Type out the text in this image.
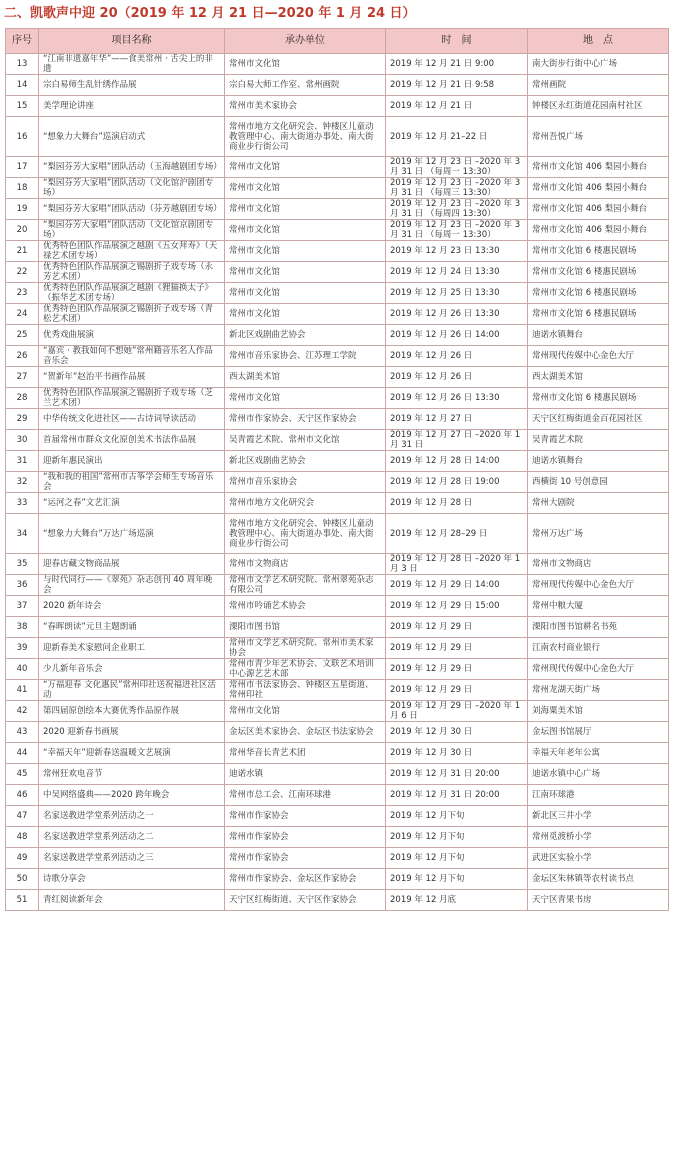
二、凯歌声中迎 20（2019 年 12 月 21 日—2020 年 1 月 24 日）
序号	项目名称	承办单位	时　间	地　点
13	“江南非遗嘉年华”——食美常州 · 舌尖上的非遗	常州市文化馆	2019 年 12 月 21 日 9:00	南大街步行街中心广场
14	宗白易师生乱针绣作品展	宗白易大师工作室、常州画院	2019 年 12 月 21 日 9:58	常州画院
15	美学理论讲座	常州市美术家协会	2019 年 12 月 21 日	钟楼区永红街道花园南村社区
16	“想象力大舞台”巡演启动式	常州市地方文化研究会、钟楼区儿童动教管理中心、南大街道办事处、南大街商业步行街公司	2019 年 12 月 21–22 日	常州吾悦广场
17	“梨园芬芳大家唱”团队活动（玉海越剧团专场）	常州市文化馆	2019 年 12 月 23 日 –2020 年 3 月 31 日 （每周一 13:30）	常州市文化馆 406 梨园小舞台
18	“梨园芬芳大家唱”团队活动（文化馆沪剧团专场）	常州市文化馆	2019 年 12 月 23 日 –2020 年 3 月 31 日 （每周三 13:30）	常州市文化馆 406 梨园小舞台
19	“梨园芬芳大家唱”团队活动（芬芳越剧团专场）	常州市文化馆	2019 年 12 月 23 日 –2020 年 3 月 31 日 （每周四 13:30）	常州市文化馆 406 梨园小舞台
20	“梨园芬芳大家唱”团队活动（文化馆京剧团专场）	常州市文化馆	2019 年 12 月 23 日 –2020 年 3 月 31 日 （每周一 13:30）	常州市文化馆 406 梨园小舞台
21	优秀特色团队作品展演之越剧《五女拜寿》（天禄艺术团专场）	常州市文化馆	2019 年 12 月 23 日 13:30	常州市文化馆 6 楼惠民剧场
22	优秀特色团队作品展演之锡剧折子戏专场（永芳艺术团）	常州市文化馆	2019 年 12 月 24 日 13:30	常州市文化馆 6 楼惠民剧场
23	优秀特色团队作品展演之越剧《狸猫换太子》（振华艺术团专场）	常州市文化馆	2019 年 12 月 25 日 13:30	常州市文化馆 6 楼惠民剧场
24	优秀特色团队作品展演之锡剧折子戏专场（青松艺术团）	常州市文化馆	2019 年 12 月 26 日 13:30	常州市文化馆 6 楼惠民剧场
25	优秀戏曲展演	新北区戏剧曲艺协会	2019 年 12 月 26 日 14:00	迪诺水镇舞台
26	“嘉宾 · 教我如何不想她”常州籍音乐名人作品音乐会	常州市音乐家协会、江苏理工学院	2019 年 12 月 26 日	常州现代传媒中心金色大厅
27	“贺新年”赵治平书画作品展	西太湖美术馆	2019 年 12 月 26 日	西太湖美术馆
28	优秀特色团队作品展演之锡剧折子戏专场（芝兰艺术团）	常州市文化馆	2019 年 12 月 26 日 13:30	常州市文化馆 6 楼惠民剧场
29	中华传统文化进社区——古诗词导读活动	常州市作家协会、天宁区作家协会	2019 年 12 月 27 日	天宁区红梅街道金百花园社区
30	首届常州市群众文化原创美术书法作品展	吴青霞艺术院、常州市文化馆	2019 年 12 月 27 日 –2020 年 1 月 31 日	吴青霞艺术院
31	迎新年惠民演出	新北区戏剧曲艺协会	2019 年 12 月 28 日 14:00	迪诺水镇舞台
32	“我和我的祖国”常州市古筝学会师生专场音乐会	常州市音乐家协会	2019 年 12 月 28 日 19:00	西横街 10 号创意园
33	“运河之春”文艺汇演	常州市地方文化研究会	2019 年 12 月 28 日	常州大剧院
34	“想象力大舞台”万达广场巡演	常州市地方文化研究会、钟楼区儿童动教管理中心、南大街道办事处、南大街商业步行街公司	2019 年 12 月 28–29 日	常州万达广场
35	迎春店藏文物商品展	常州市文物商店	2019 年 12 月 28 日 –2020 年 1 月 3 日	常州市文物商店
36	与时代同行——《翠苑》杂志创刊 40 周年晚会	常州市文学艺术研究院、常州翠苑杂志有限公司	2019 年 12 月 29 日 14:00	常州现代传媒中心金色大厅
37	2020 新年诗会	常州市吟诵艺术协会	2019 年 12 月 29 日 15:00	常州中粮大厦
38	“春晖朗读”元旦主题朗诵	溧阳市图书馆	2019 年 12 月 29 日	溧阳市图书馆耕名书苑
39	迎新春美术家慰问企业职工	常州市文学艺术研究院、常州市美术家协会	2019 年 12 月 29 日	江南农村商业银行
40	少儿新年音乐会	常州市青少年艺术协会、文联艺术培训中心源艺艺术部	2019 年 12 月 29 日	常州现代传媒中心金色大厅
41	“万福迎春 文化惠民”常州印社送祝福进社区活动	常州市书法家协会、钟楼区五星街道、常州印社	2019 年 12 月 29 日	常州龙湖天街广场
42	第四届原创绘本大赛优秀作品原作展	常州市文化馆	2019 年 12 月 29 日 –2020 年 1 月 6 日	刘海粟美术馆
43	2020 迎新春书画展	金坛区美术家协会、金坛区书法家协会	2019 年 12 月 30 日	金坛图书馆展厅
44	“幸福天年”迎新春送温暖文艺展演	常州华音长青艺术团	2019 年 12 月 30 日	幸福天年老年公寓
45	常州狂欢电音节	迪诺水镇	2019 年 12 月 31 日 20:00	迪诺水镇中心广场
46	中吴网络盛典——2020 跨年晚会	常州市总工会、江南环球港	2019 年 12 月 31 日 20:00	江南环球港
47	名家送教进学堂系列活动之一	常州市作家协会	2019 年 12 月下旬	新北区三井小学
48	名家送教进学堂系列活动之二	常州市作家协会	2019 年 12 月下旬	常州觅渡桥小学
49	名家送教进学堂系列活动之三	常州市作家协会	2019 年 12 月下旬	武进区实验小学
50	诗歌分享会	常州市作家协会、金坛区作家协会	2019 年 12 月下旬	金坛区朱林镇等农村读书点
51	青红阅读新年会	天宁区红梅街道、天宁区作家协会	2019 年 12 月底	天宁区青果书房
